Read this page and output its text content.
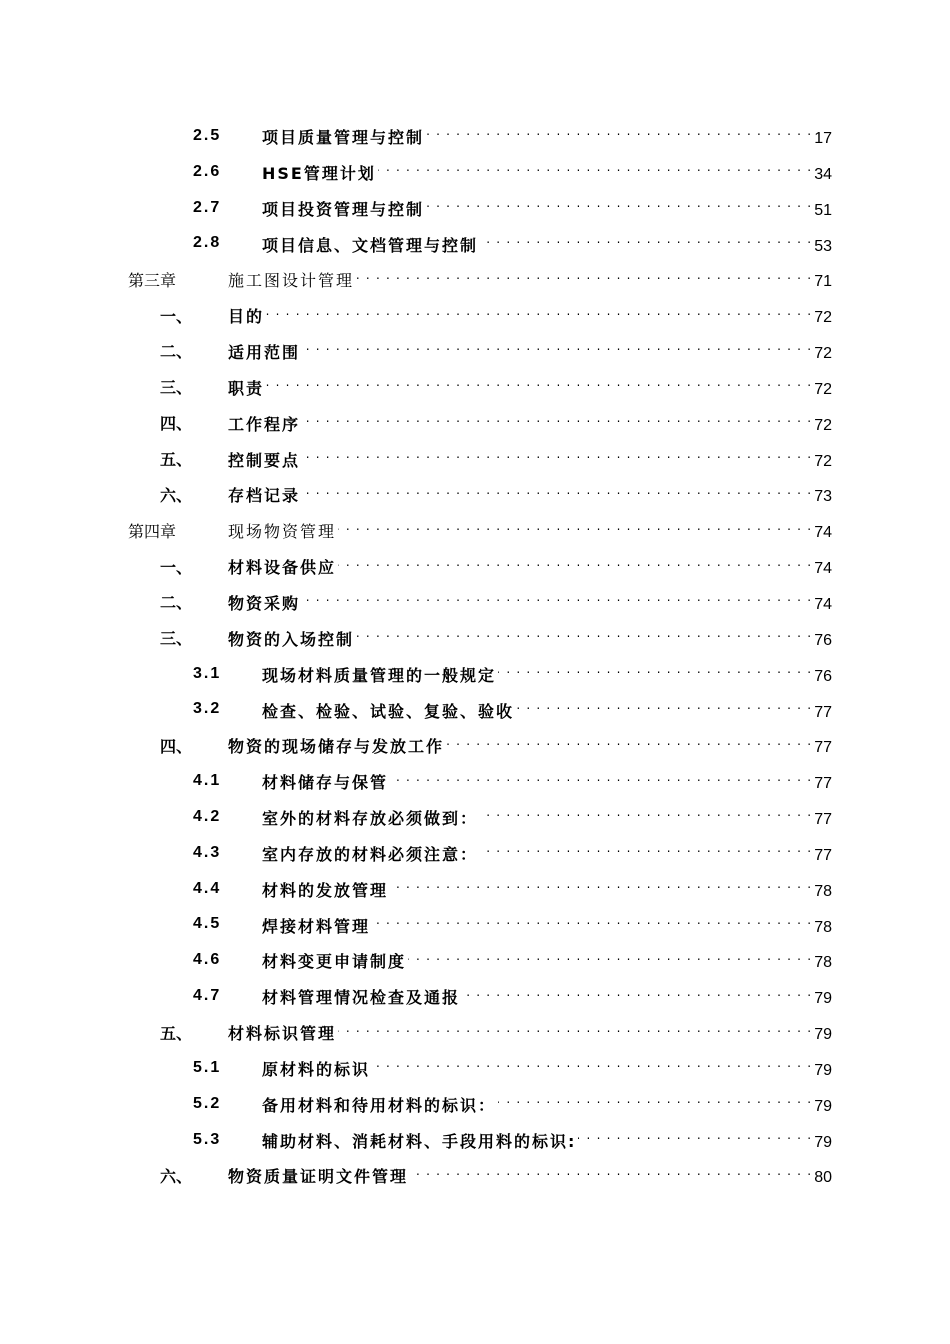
2.5	项目质量管理与控制 . . .	17
2.6	HSE管理计划 . . .	34
2.7	项目投资管理与控制 . . .	51
2.8	项目信息、文档管理与控制 . . .	53
第三章	施工图设计管理 . . .	71
一、 目的 . . .	72
二、 适用范围 . . .	72
三、 职责 . . .	72
四、 工作程序 . . .	72
五、 控制要点 . . .	72
六、 存档记录 . . .	73
第四章	现场物资管理 . . .	74
一、 材料设备供应 . . .	74
二、 物资采购 . . .	74
三、 物资的入场控制 . . .	76
3.1	现场材料质量管理的一般规定 . . .	76
3.2	检查、检验、试验、复验、验收 . . .	77
四、 物资的现场储存与发放工作 . . .	77
4.1	材料储存与保管 . . .	77
4.2	室外的材料存放必须做到： . . .	77
4.3	室内存放的材料必须注意： . . .	77
4.4	材料的发放管理 . . .	78
4.5	焊接材料管理 . . .	78
4.6	材料变更申请制度 . . .	78
4.7	材料管理情况检查及通报 . . .	79
五、 材料标识管理 . . .	79
5.1	原材料的标识 . . .	79
5.2	备用材料和待用材料的标识： . . .	79
5.3	辅助材料、消耗材料、手段用料的标识: . . .	79
六、 物资质量证明文件管理 . . .	80
